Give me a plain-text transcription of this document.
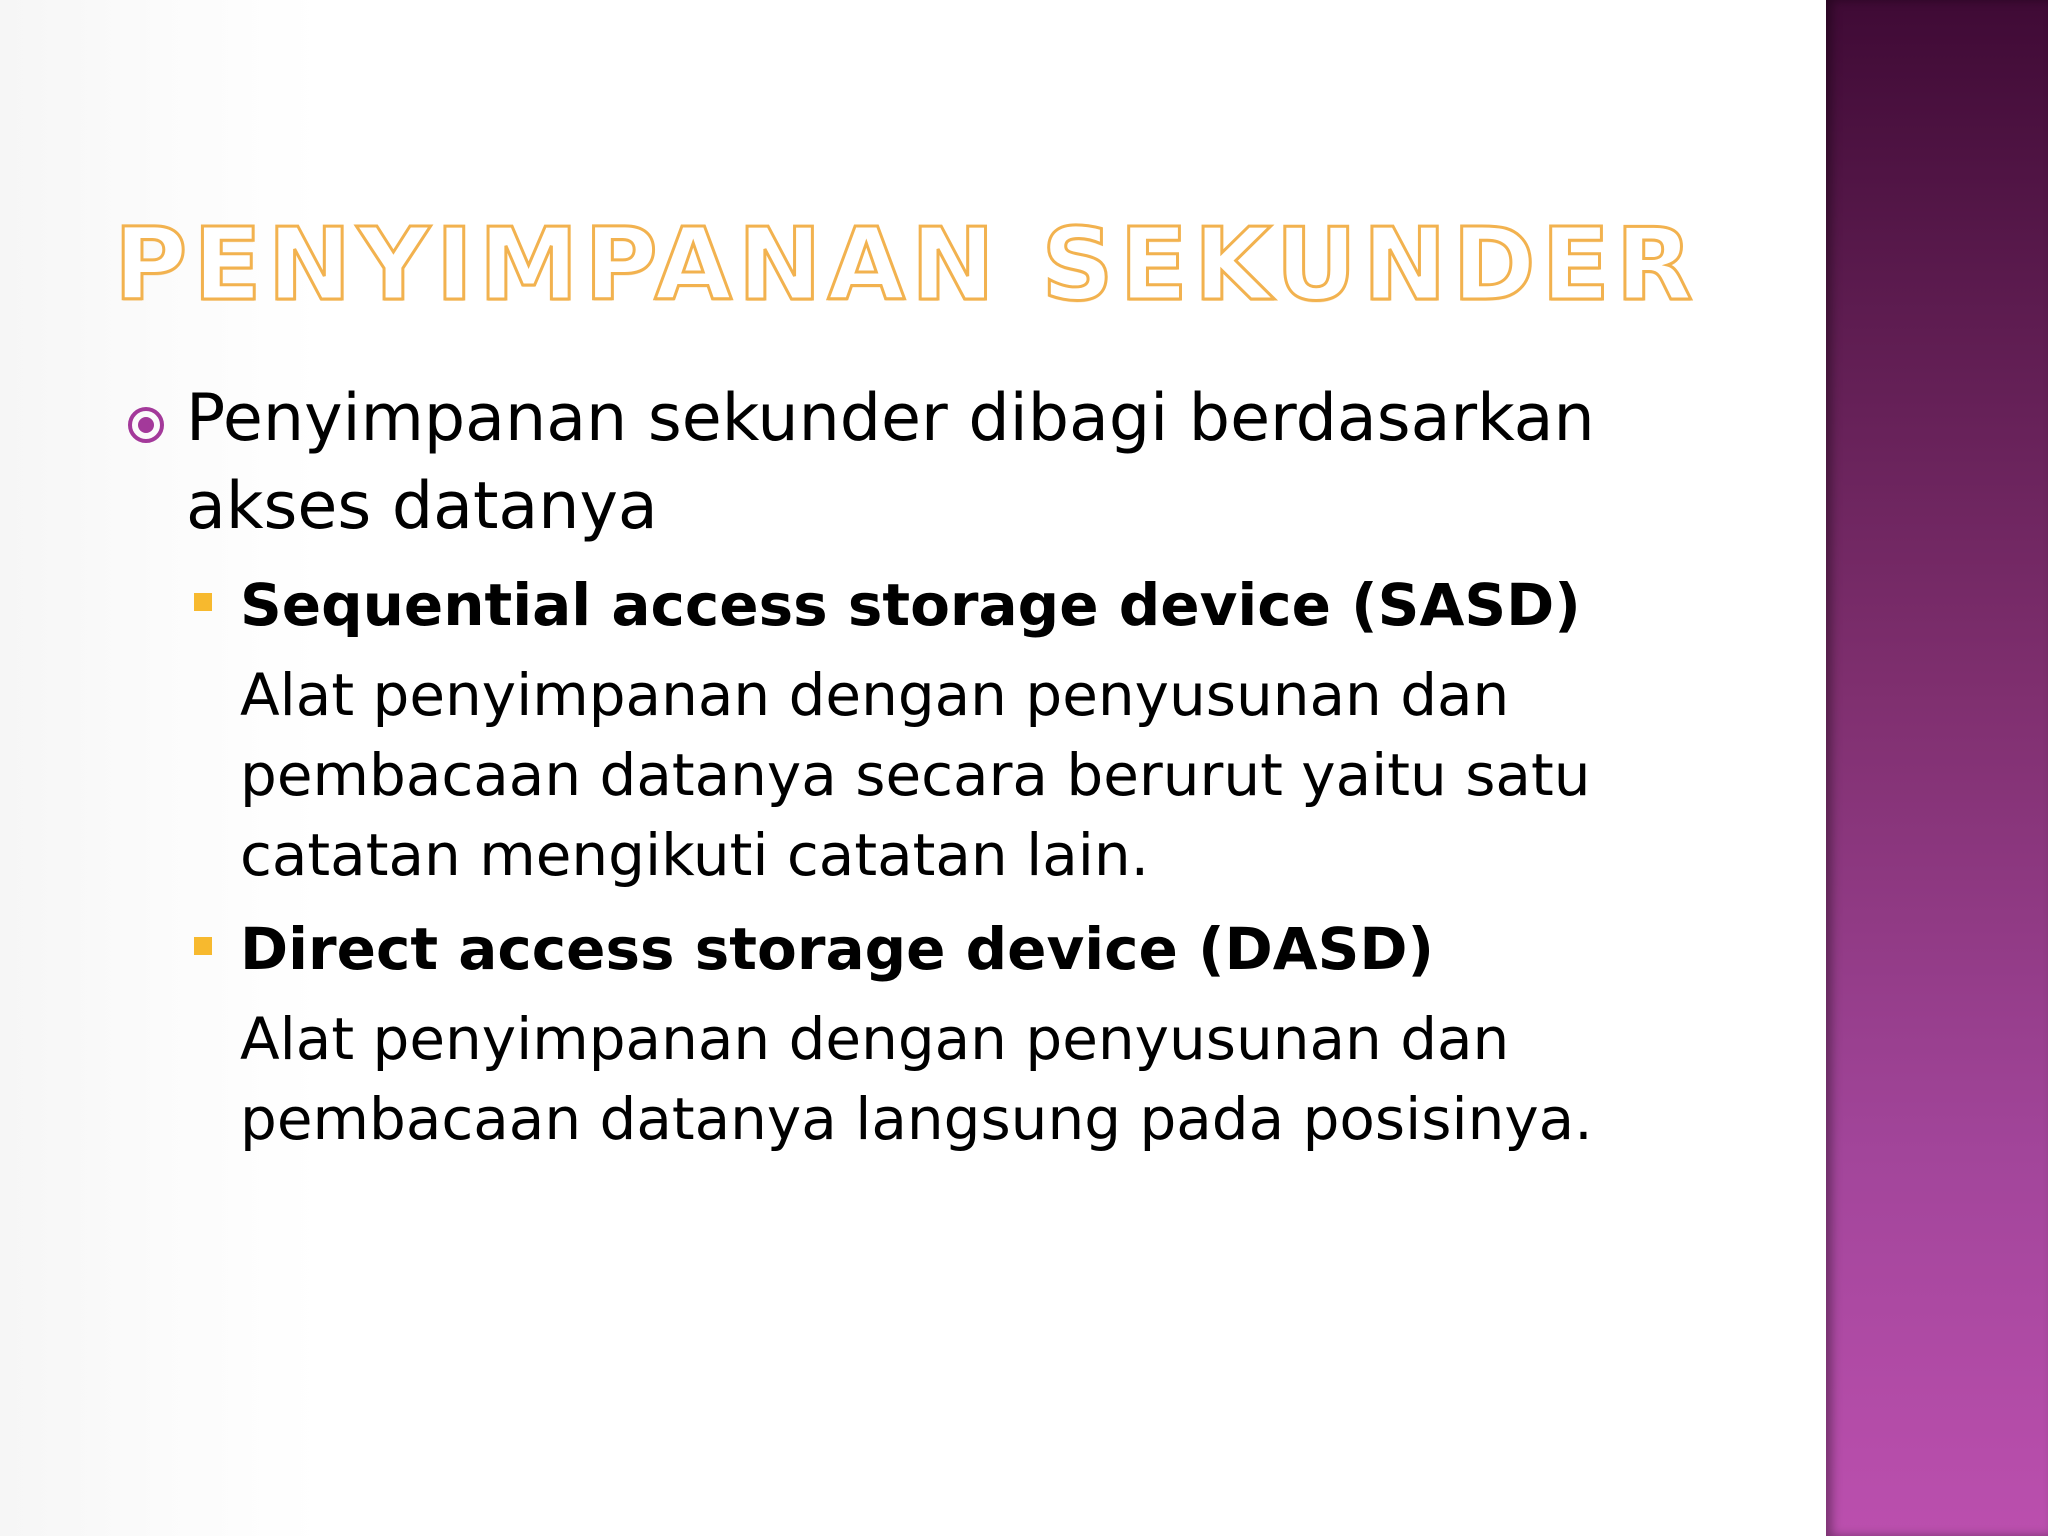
PENYIMPANAN SEKUNDER

Penyimpanan sekunder dibagi berdasarkan akses datanya

Sequential access storage device (SASD)

Alat penyimpanan dengan penyusunan dan pembacaan datanya secara berurut yaitu satu catatan mengikuti catatan lain.

Direct access storage device (DASD)

Alat penyimpanan dengan penyusunan dan pembacaan datanya langsung pada posisinya.
